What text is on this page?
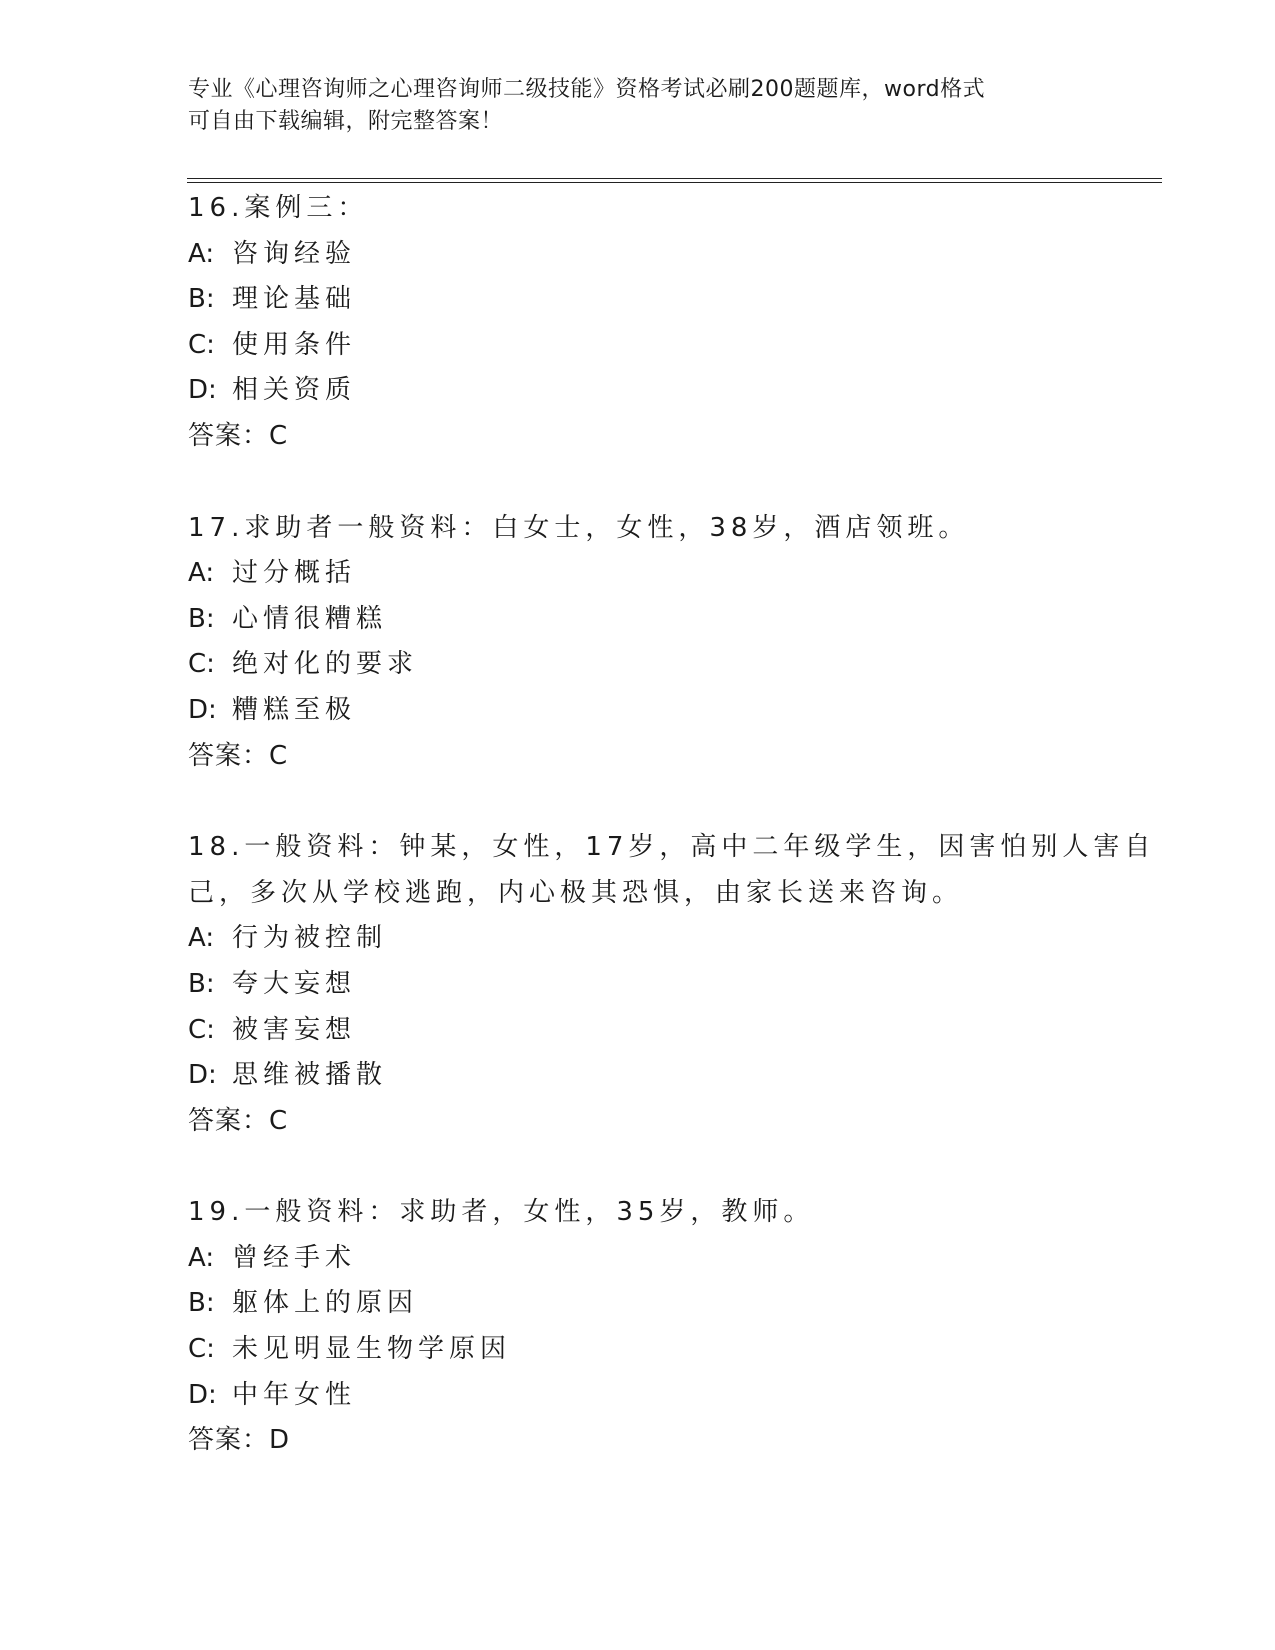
专业《心理咨询师之心理咨询师二级技能》资格考试必刷200题题库，word格式
可自由下载编辑，附完整答案！
16.案例三：
A: 咨询经验
B: 理论基础
C: 使用条件
D: 相关资质
答案：C
17.求助者一般资料：白女士，女性，38岁，酒店领班。
A: 过分概括
B: 心情很糟糕
C: 绝对化的要求
D: 糟糕至极
答案：C
18.一般资料：钟某，女性，17岁，高中二年级学生，因害怕别人害自
己，多次从学校逃跑，内心极其恐惧，由家长送来咨询。
A: 行为被控制
B: 夸大妄想
C: 被害妄想
D: 思维被播散
答案：C
19.一般资料：求助者，女性，35岁，教师。
A: 曾经手术
B: 躯体上的原因
C: 未见明显生物学原因
D: 中年女性
答案：D
